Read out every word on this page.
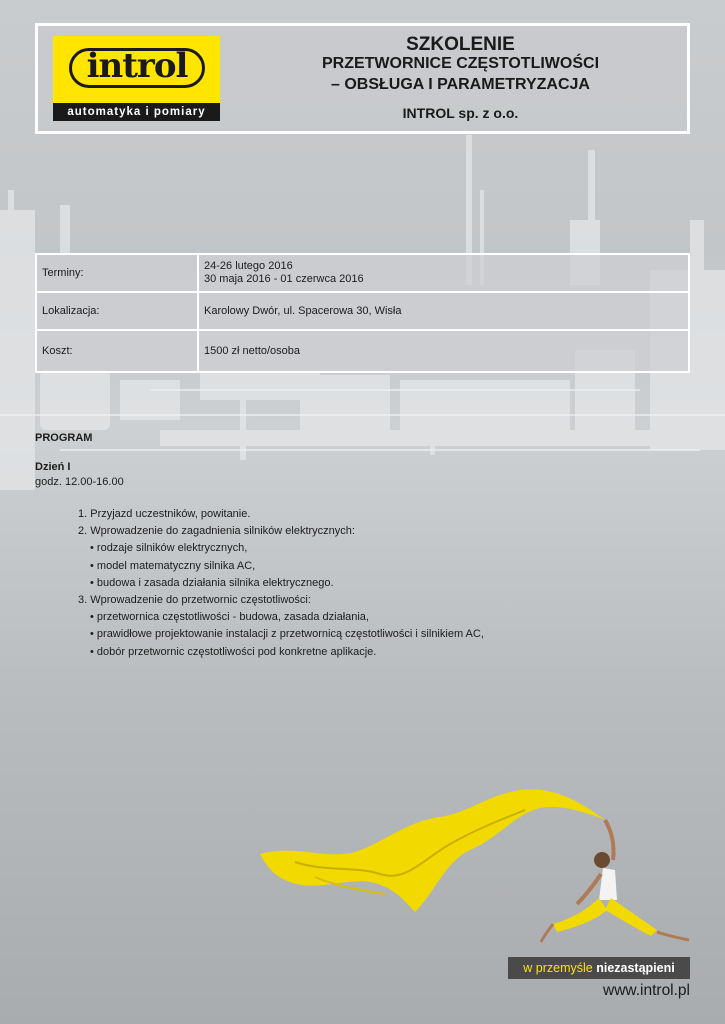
introl
automatyka i pomiary
SZKOLENIE
PRZETWORNICE CZĘSTOTLIWOŚCI
– OBSŁUGA I PARAMETRYZACJA
INTROL sp. z o.o.
Terminy:
24-26 lutego 2016
30 maja 2016 - 01 czerwca 2016
Lokalizacja:	Karolowy Dwór, ul. Spacerowa 30, Wisła
Koszt:	1500 zł netto/osoba
PROGRAM
Dzień I
godz. 12.00-16.00
1. Przyjazd uczestników, powitanie.
2. Wprowadzenie do zagadnienia silników elektrycznych:
• rodzaje silników elektrycznych,
• model matematyczny silnika AC,
• budowa i zasada działania silnika elektrycznego.
3. Wprowadzenie do przetwornic częstotliwości:
• przetwornica częstotliwości - budowa, zasada działania,
• prawidłowe projektowanie instalacji z przetwornicą częstotliwości i silnikiem AC,
• dobór przetwornic częstotliwości pod konkretne aplikacje.
w przemyśle niezastąpieni
www.introl.pl
